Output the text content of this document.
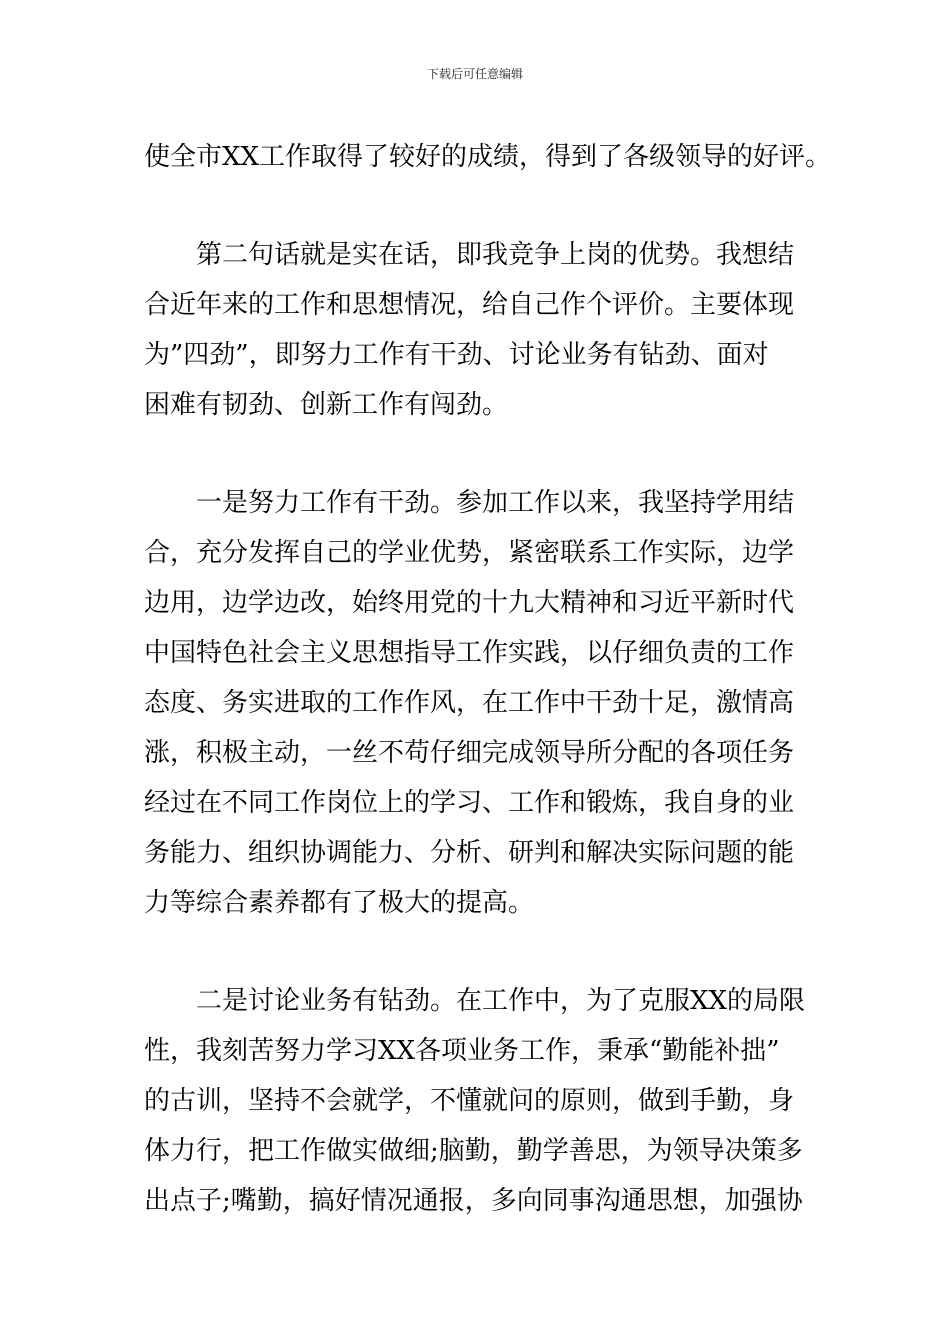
下载后可任意编辑
使全市XX工作取得了较好的成绩，得到了各级领导的好评。
第二句话就是实在话，即我竞争上岗的优势。我想结
合近年来的工作和思想情况，给自己作个评价。主要体现
为”四劲”，即努力工作有干劲、讨论业务有钻劲、面对
困难有韧劲、创新工作有闯劲。
一是努力工作有干劲。参加工作以来，我坚持学用结
合，充分发挥自己的学业优势，紧密联系工作实际，边学
边用，边学边改，始终用党的十九大精神和习近平新时代
中国特色社会主义思想指导工作实践，以仔细负责的工作
态度、务实进取的工作作风，在工作中干劲十足，激情高
涨，积极主动，一丝不苟仔细完成领导所分配的各项任务
经过在不同工作岗位上的学习、工作和锻炼，我自身的业
务能力、组织协调能力、分析、研判和解决实际问题的能
力等综合素养都有了极大的提高。
二是讨论业务有钻劲。在工作中，为了克服XX的局限
性，我刻苦努力学习XX各项业务工作，秉承“勤能补拙”
的古训，坚持不会就学，不懂就问的原则，做到手勤，身
体力行，把工作做实做细;脑勤，勤学善思，为领导决策多
出点子;嘴勤，搞好情况通报，多向同事沟通思想，加强协
